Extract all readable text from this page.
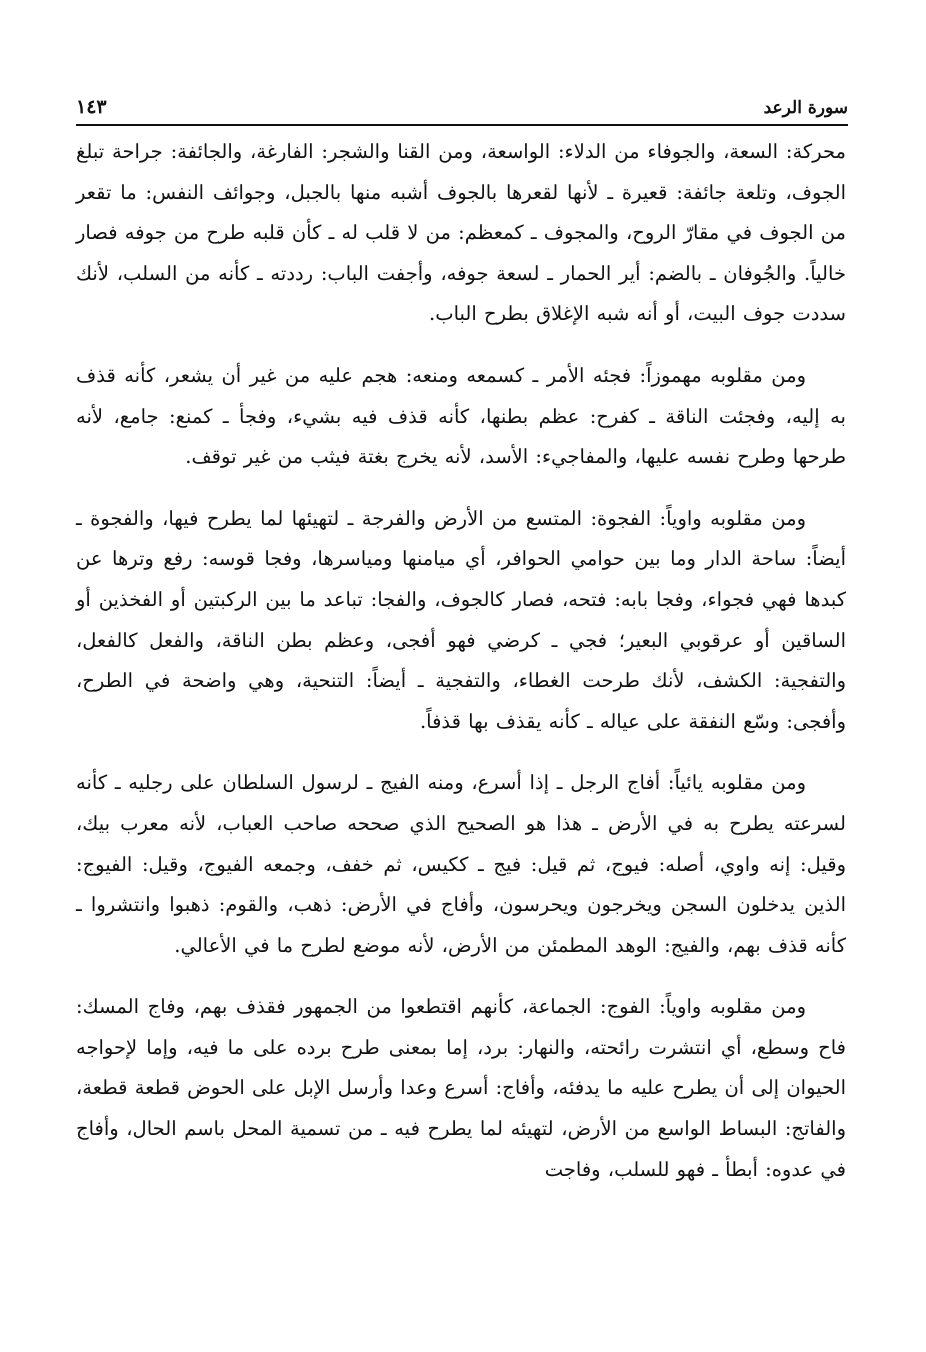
سورة الرعد
١٤٣

محركة: السعة، والجوفاء من الدلاء: الواسعة، ومن القنا والشجر: الفارغة، والجائفة: جراحة تبلغ الجوف، وتلعة جائفة: قعيرة ـ لأنها لقعرها بالجوف أشبه منها بالجبل، وجوائف النفس: ما تقعر من الجوف في مقارّ الروح، والمجوف ـ كمعظم: من لا قلب له ـ كأن قلبه طرح من جوفه فصار خالياً. والجُوفان ـ بالضم: أير الحمار ـ لسعة جوفه، وأجفت الباب: رددته ـ كأنه من السلب، لأنك سددت جوف البيت، أو أنه شبه الإغلاق بطرح الباب.

ومن مقلوبه مهموزاً: فجئه الأمر ـ كسمعه ومنعه: هجم عليه من غير أن يشعر، كأنه قذف به إليه، وفجئت الناقة ـ كفرح: عظم بطنها، كأنه قذف فيه بشيء، وفجأ ـ كمنع: جامع، لأنه طرحها وطرح نفسه عليها، والمفاجيء: الأسد، لأنه يخرج بغتة فيثب من غير توقف.

ومن مقلوبه واوياً: الفجوة: المتسع من الأرض والفرجة ـ لتهيئها لما يطرح فيها، والفجوة ـ أيضاً: ساحة الدار وما بين حوامي الحوافر، أي ميامنها ومياسرها، وفجا قوسه: رفع وترها عن كبدها فهي فجواء، وفجا بابه: فتحه، فصار كالجوف، والفجا: تباعد ما بين الركبتين أو الفخذين أو الساقين أو عرقوبي البعير؛ فجي ـ كرضي فهو أفجى، وعظم بطن الناقة، والفعل كالفعل، والتفجية: الكشف، لأنك طرحت الغطاء، والتفجية ـ أيضاً: التنحية، وهي واضحة في الطرح، وأفجى: وسّع النفقة على عياله ـ كأنه يقذف بها قذفاً.

ومن مقلوبه يائياً: أفاج الرجل ـ إذا أسرع، ومنه الفيج ـ لرسول السلطان على رجليه ـ كأنه لسرعته يطرح به في الأرض ـ هذا هو الصحيح الذي صححه صاحب العباب، لأنه معرب بيك، وقيل: إنه واوي، أصله: فيوج، ثم قيل: فيج ـ ككيس، ثم خفف، وجمعه الفيوج، وقيل: الفيوج: الذين يدخلون السجن ويخرجون ويحرسون، وأفاج في الأرض: ذهب، والقوم: ذهبوا وانتشروا ـ كأنه قذف بهم، والفيج: الوهد المطمئن من الأرض، لأنه موضع لطرح ما في الأعالي.

ومن مقلوبه واوياً: الفوج: الجماعة، كأنهم اقتطعوا من الجمهور فقذف بهم، وفاج المسك: فاح وسطع، أي انتشرت رائحته، والنهار: برد، إما بمعنى طرح برده على ما فيه، وإما لإحواجه الحيوان إلى أن يطرح عليه ما يدفئه، وأفاج: أسرع وعدا وأرسل الإبل على الحوض قطعة قطعة، والفاتج: البساط الواسع من الأرض، لتهيئه لما يطرح فيه ـ من تسمية المحل باسم الحال، وأفاج في عدوه: أبطأ ـ فهو للسلب، وفاجت
